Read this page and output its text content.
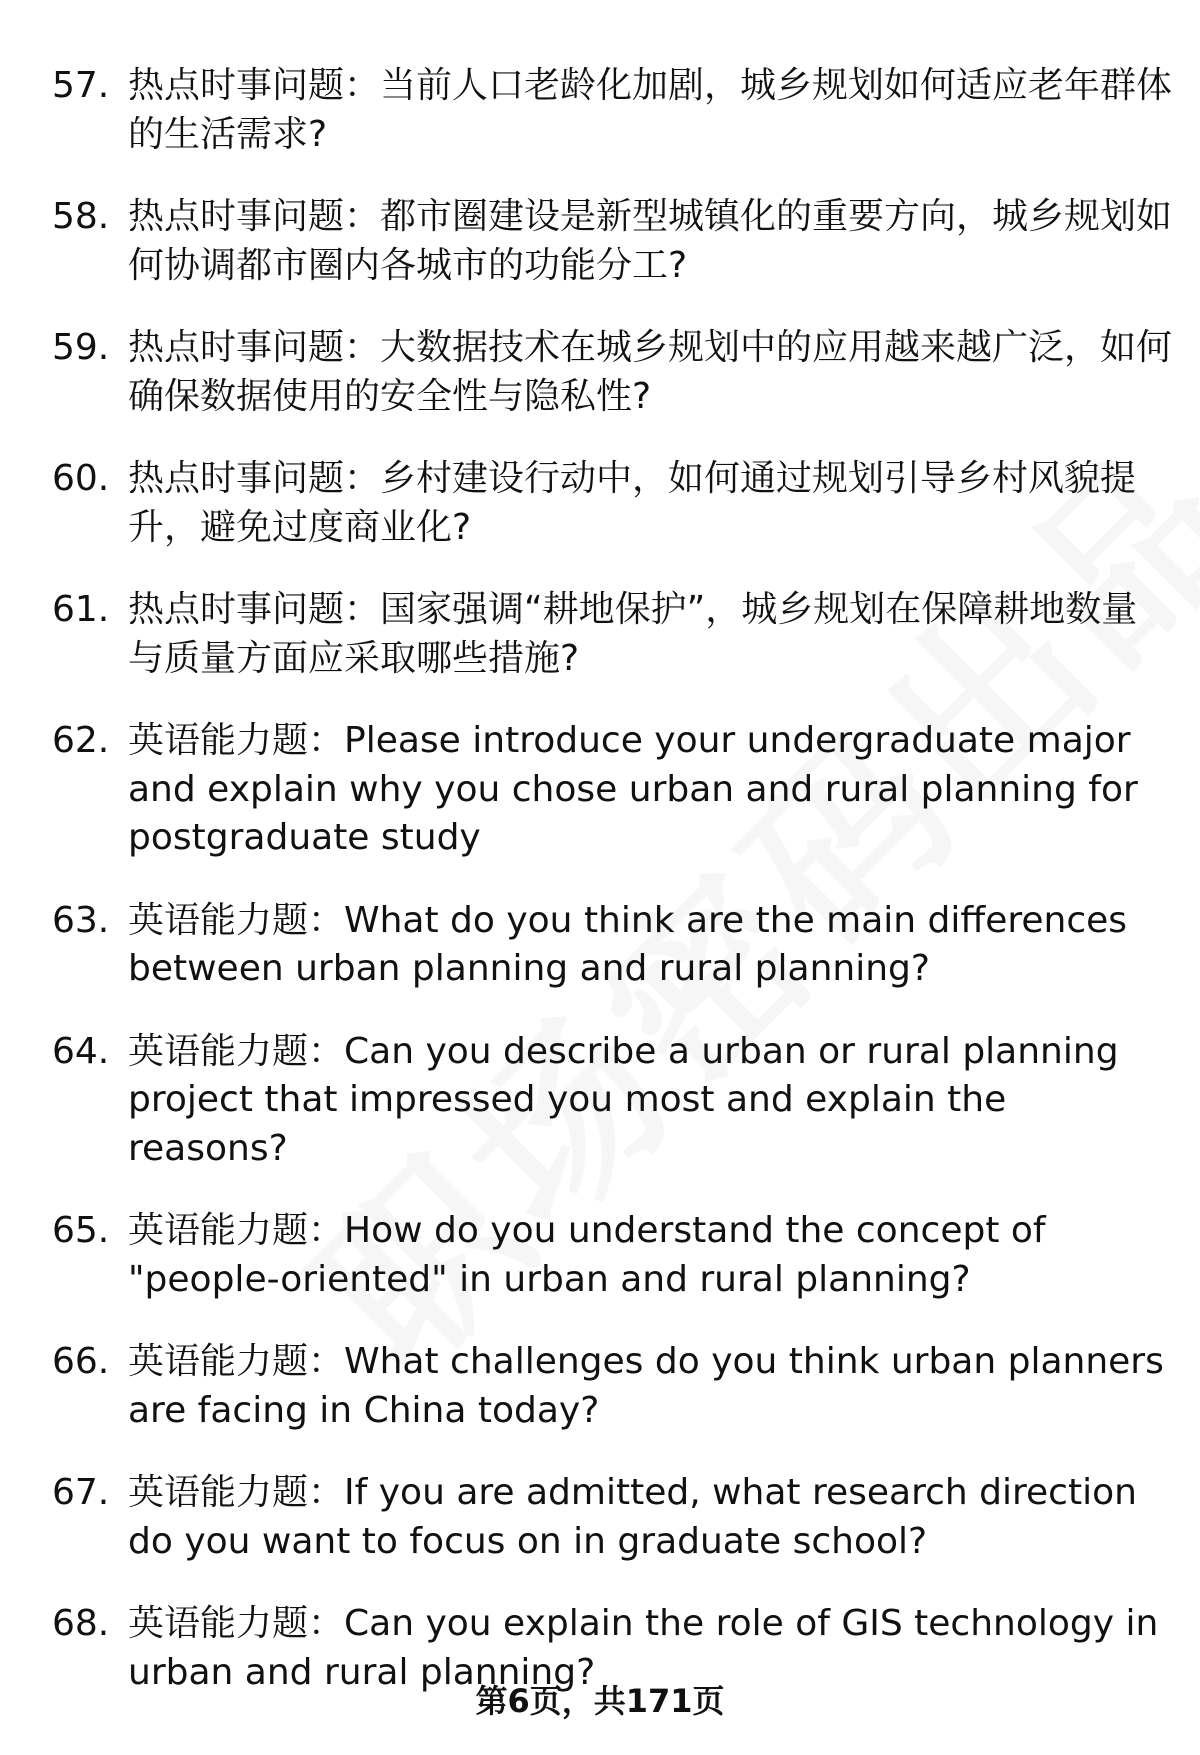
57. 热点时事问题：当前人口老龄化加剧，城乡规划如何适应老年群体的生活需求?
58. 热点时事问题：都市圈建设是新型城镇化的重要方向，城乡规划如何协调都市圈内各城市的功能分工?
59. 热点时事问题：大数据技术在城乡规划中的应用越来越广泛，如何确保数据使用的安全性与隐私性?
60. 热点时事问题：乡村建设行动中，如何通过规划引导乡村风貌提升，避免过度商业化?
61. 热点时事问题：国家强调“耕地保护”，城乡规划在保障耕地数量与质量方面应采取哪些措施?
62. 英语能力题：Please introduce your undergraduate major and explain why you chose urban and rural planning for postgraduate study
63. 英语能力题：What do you think are the main differences between urban planning and rural planning?
64. 英语能力题：Can you describe a urban or rural planning project that impressed you most and explain the reasons?
65. 英语能力题：How do you understand the concept of "people-oriented" in urban and rural planning?
66. 英语能力题：What challenges do you think urban planners are facing in China today?
67. 英语能力题：If you are admitted, what research direction do you want to focus on in graduate school?
68. 英语能力题：Can you explain the role of GIS technology in urban and rural planning?
第6页，共171页
